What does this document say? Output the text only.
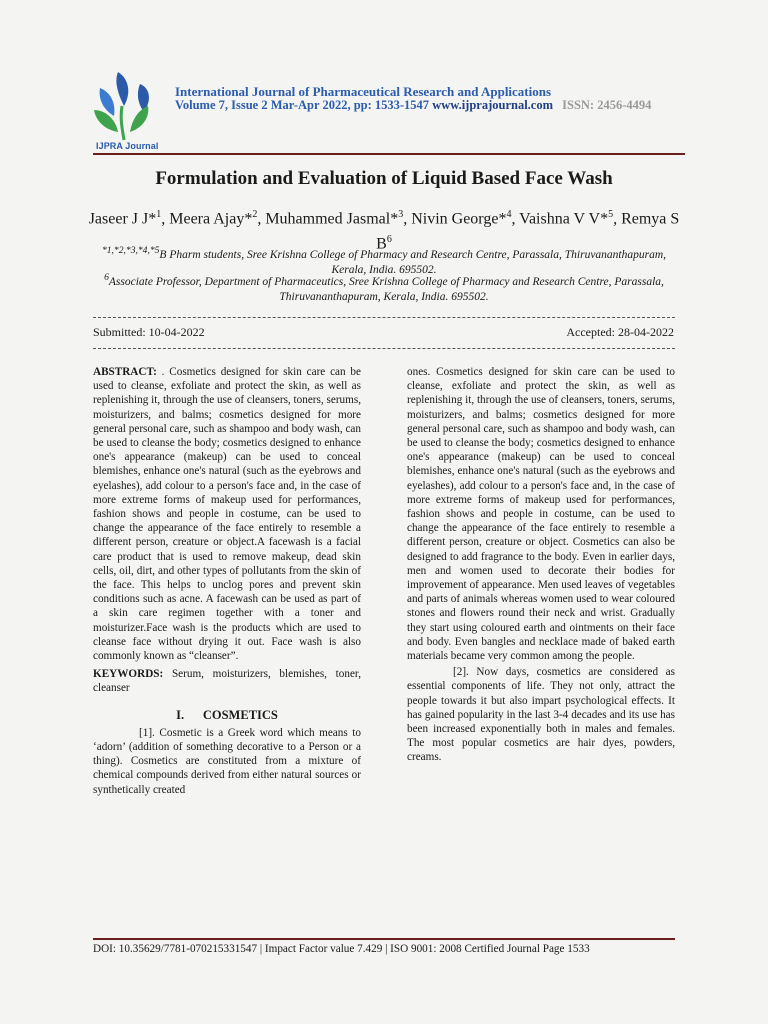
IJPRA Journal
International Journal of Pharmaceutical Research and Applications
Volume 7, Issue 2 Mar-Apr 2022, pp: 1533-1547 www.ijprajournal.com ISSN: 2456-4494
Formulation and Evaluation of Liquid Based Face Wash
Jaseer J J*$^1$, Meera Ajay*$^2$, Muhammed Jasmal*$^3$, Nivin George*$^4$, Vaishna V V*$^5$, Remya S $B^6$
$^{*1,*2,*3,*4,*5}$B Pharm students, Sree Krishna College of Pharmacy and Research Centre, Parassala, Thiruvananthapuram, Kerala, India. 695502.
$^6$Associate Professor, Department of Pharmaceutics, Sree Krishna College of Pharmacy and Research Centre, Parassala, Thiruvananthapuram, Kerala, India. 695502.
Submitted: 10-04-2022	Accepted: 28-04-2022

ABSTRACT: . Cosmetics designed for skin care can be used to cleanse, exfoliate and protect the skin, as well as replenishing it, through the use of cleansers, toners, serums, moisturizers, and balms; cosmetics designed for more general personal care, such as shampoo and body wash, can be used to cleanse the body; cosmetics designed to enhance one's appearance (makeup) can be used to conceal blemishes, enhance one's natural (such as the eyebrows and eyelashes), add colour to a person's face and, in the case of more extreme forms of makeup used for performances, fashion shows and people in costume, can be used to change the appearance of the face entirely to resemble a different person, creature or object.A facewash is a facial care product that is used to remove makeup, dead skin cells, oil, dirt, and other types of pollutants from the skin of the face. This helps to unclog pores and prevent skin conditions such as acne. A facewash can be used as part of a skin care regimen together with a toner and moisturizer.Face wash is the products which are used to cleanse face without drying it out. Face wash is also commonly known as “cleanser”.

KEYWORDS: Serum, moisturizers, blemishes, toner, cleanser

I. COSMETICS

[1]. Cosmetic is a Greek word which means to ‘adorn’ (addition of something decorative to a Person or a thing). Cosmetics are constituted from a mixture of chemical compounds derived from either natural sources or synthetically created

ones. Cosmetics designed for skin care can be used to cleanse, exfoliate and protect the skin, as well as replenishing it, through the use of cleansers, toners, serums, moisturizers, and balms; cosmetics designed for more general personal care, such as shampoo and body wash, can be used to cleanse the body; cosmetics designed to enhance one's appearance (makeup) can be used to conceal blemishes, enhance one's natural (such as the eyebrows and eyelashes), add colour to a person's face and, in the case of more extreme forms of makeup used for performances, fashion shows and people in costume, can be used to change the appearance of the face entirely to resemble a different person, creature or object. Cosmetics can also be designed to add fragrance to the body. Even in earlier days, men and women used to decorate their bodies for improvement of appearance. Men used leaves of vegetables and parts of animals whereas women used to wear coloured stones and flowers round their neck and wrist. Gradually they start using coloured earth and ointments on their face and body. Even bangles and necklace made of baked earth materials became very common among the people.

[2]. Now days, cosmetics are considered as essential components of life. They not only, attract the people towards it but also impart psychological effects. It has gained popularity in the last 3-4 decades and its use has been increased exponentially both in males and females. The most popular cosmetics are hair dyes, powders, creams.

DOI: 10.35629/7781-070215331547 | Impact Factor value 7.429 | ISO 9001: 2008 Certified Journal Page 1533
